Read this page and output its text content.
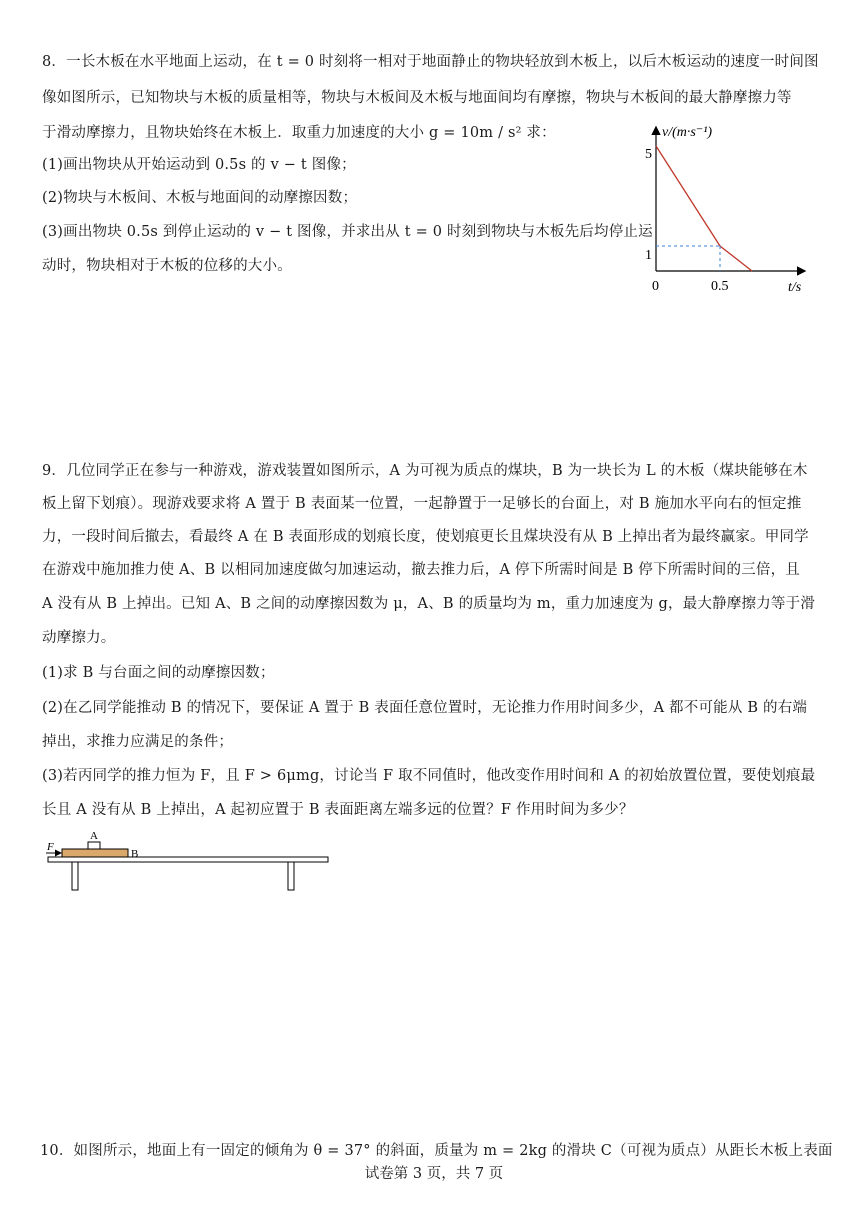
8．一长木板在水平地面上运动，在 t = 0 时刻将一相对于地面静止的物块轻放到木板上，以后木板运动的速度一时间图
像如图所示，已知物块与木板的质量相等，物块与木板间及木板与地面间均有摩擦，物块与木板间的最大静摩擦力等
于滑动摩擦力，且物块始终在木板上．取重力加速度的大小 g = 10m / s² 求：
(1)画出物块从开始运动到 0.5s 的 v − t 图像；
(2)物块与木板间、木板与地面间的动摩擦因数；
(3)画出物块 0.5s 到停止运动的 v − t 图像，并求出从 t = 0 时刻到物块与木板先后均停止运
动时，物块相对于木板的位移的大小。
v/(m·s⁻¹)
t/s
0
5
1
0.5
9．几位同学正在参与一种游戏，游戏装置如图所示，A 为可视为质点的煤块，B 为一块长为 L 的木板（煤块能够在木
板上留下划痕）。现游戏要求将 A 置于 B 表面某一位置，一起静置于一足够长的台面上，对 B 施加水平向右的恒定推
力，一段时间后撤去，看最终 A 在 B 表面形成的划痕长度，使划痕更长且煤块没有从 B 上掉出者为最终赢家。甲同学
在游戏中施加推力使 A、B 以相同加速度做匀加速运动，撤去推力后，A 停下所需时间是 B 停下所需时间的三倍，且
A 没有从 B 上掉出。已知 A、B 之间的动摩擦因数为 μ，A、B 的质量均为 m，重力加速度为 g，最大静摩擦力等于滑
动摩擦力。
(1)求 B 与台面之间的动摩擦因数；
(2)在乙同学能推动 B 的情况下，要保证 A 置于 B 表面任意位置时，无论推力作用时间多少，A 都不可能从 B 的右端
掉出，求推力应满足的条件；
(3)若丙同学的推力恒为 F，且 F > 6μmg，讨论当 F 取不同值时，他改变作用时间和 A 的初始放置位置，要使划痕最
长且 A 没有从 B 上掉出，A 起初应置于 B 表面距离左端多远的位置？F 作用时间为多少？
F
A
B
10．如图所示，地面上有一固定的倾角为 θ = 37° 的斜面，质量为 m = 2kg 的滑块 C（可视为质点）从距长木板上表面
试卷第 3 页，共 7 页
